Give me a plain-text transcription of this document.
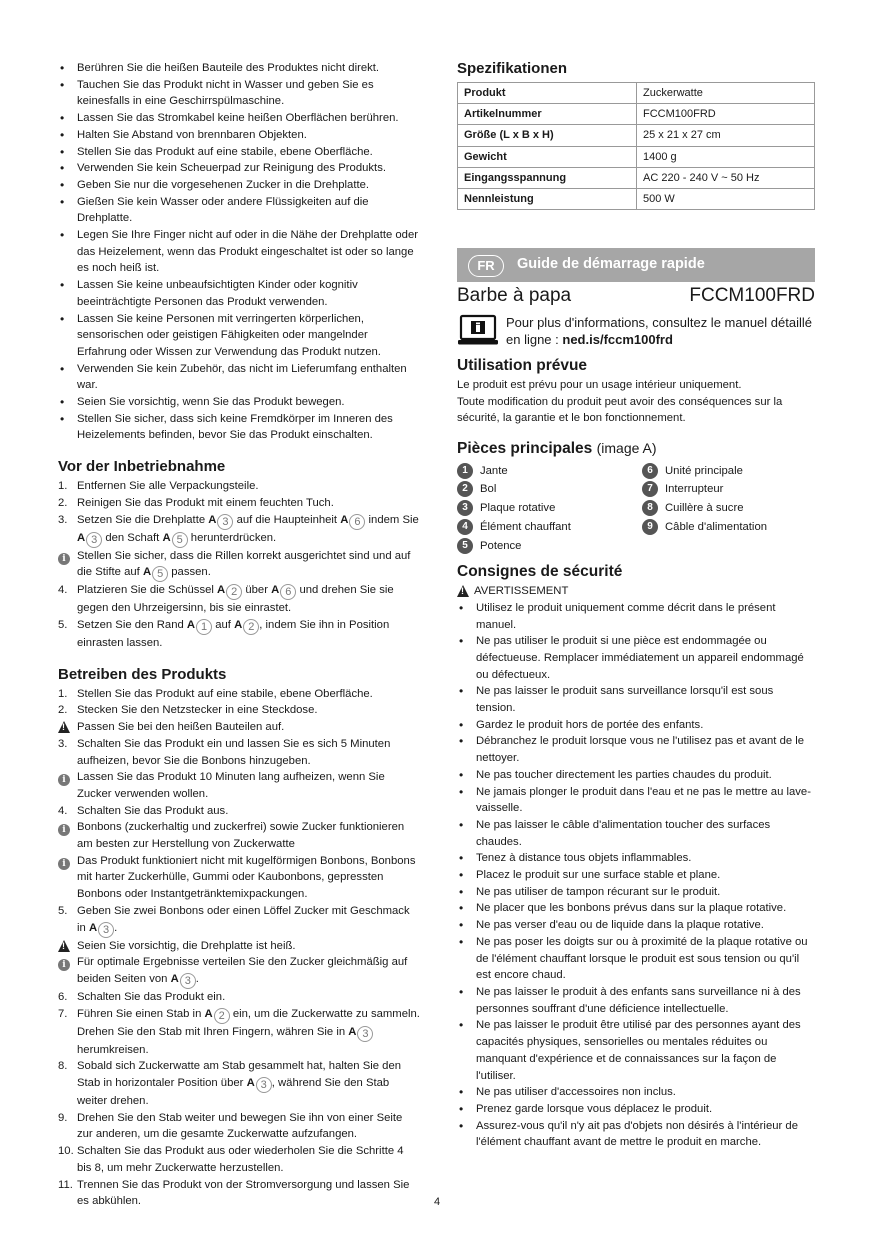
• Berühren Sie die heißen Bauteile des Produktes nicht direkt.
• Tauchen Sie das Produkt nicht in Wasser und geben Sie es keinesfalls in eine Geschirrspülmaschine.
• Lassen Sie das Stromkabel keine heißen Oberflächen berühren.
• Halten Sie Abstand von brennbaren Objekten.
• Stellen Sie das Produkt auf eine stabile, ebene Oberfläche.
• Verwenden Sie kein Scheuerpad zur Reinigung des Produkts.
• Geben Sie nur die vorgesehenen Zucker in die Drehplatte.
• Gießen Sie kein Wasser oder andere Flüssigkeiten auf die Drehplatte.
• Legen Sie Ihre Finger nicht auf oder in die Nähe der Drehplatte oder das Heizelement, wenn das Produkt eingeschaltet ist oder so lange es noch heiß ist.
• Lassen Sie keine unbeaufsichtigten Kinder oder kognitiv beeinträchtigte Personen das Produkt verwenden.
• Lassen Sie keine Personen mit verringerten körperlichen, sensorischen oder geistigen Fähigkeiten oder mangelnder Erfahrung oder Wissen zur Verwendung das Produkt nutzen.
• Verwenden Sie kein Zubehör, das nicht im Lieferumfang enthalten war.
• Seien Sie vorsichtig, wenn Sie das Produkt bewegen.
• Stellen Sie sicher, dass sich keine Fremdkörper im Inneren des Heizelements befinden, bevor Sie das Produkt einschalten.
Vor der Inbetriebnahme
1. Entfernen Sie alle Verpackungsteile.
2. Reinigen Sie das Produkt mit einem feuchten Tuch.
3. Setzen Sie die Drehplatte A 3 auf die Haupteinheit A 6 indem Sie A 3 den Schaft A 5 herunterdrücken.
i Stellen Sie sicher, dass die Rillen korrekt ausgerichtet sind und auf die Stifte auf A 5 passen.
4. Platzieren Sie die Schüssel A 2 über A 6 und drehen Sie sie gegen den Uhrzeigersinn, bis sie einrastet.
5. Setzen Sie den Rand A 1 auf A 2 , indem Sie ihn in Position einrasten lassen.
Betreiben des Produkts
1. Stellen Sie das Produkt auf eine stabile, ebene Oberfläche.
2. Stecken Sie den Netzstecker in eine Steckdose.
!
Passen Sie bei den heißen Bauteilen auf.
3. Schalten Sie das Produkt ein und lassen Sie es sich 5 Minuten aufheizen, bevor Sie die Bonbons hinzugeben.
i Lassen Sie das Produkt 10 Minuten lang aufheizen, wenn Sie Zucker verwenden wollen.
4. Schalten Sie das Produkt aus.
i Bonbons (zuckerhaltig und zuckerfrei) sowie Zucker funktionieren am besten zur Herstellung von Zuckerwatte
i Das Produkt funktioniert nicht mit kugelförmigen Bonbons, Bonbons mit harter Zuckerhülle, Gummi oder Kaubonbons, gepressten Bonbons oder Instantgetränktemixpackungen.
5. Geben Sie zwei Bonbons oder einen Löffel Zucker mit Geschmack in A 3 .
!
Seien Sie vorsichtig, die Drehplatte ist heiß.
i Für optimale Ergebnisse verteilen Sie den Zucker gleichmäßig auf beiden Seiten von A 3 .
6. Schalten Sie das Produkt ein.
7. Führen Sie einen Stab in A 2 ein, um die Zuckerwatte zu sammeln. Drehen Sie den Stab mit Ihren Fingern, währen Sie in A 3 herumkreisen.
8. Sobald sich Zuckerwatte am Stab gesammelt hat, halten Sie den Stab in horizontaler Position über A 3 , während Sie den Stab weiter drehen.
9. Drehen Sie den Stab weiter und bewegen Sie ihn von einer Seite zur anderen, um die gesamte Zuckerwatte aufzufangen.
10. Schalten Sie das Produkt aus oder wiederholen Sie die Schritte 4 bis 8, um mehr Zuckerwatte herzustellen.
11. Trennen Sie das Produkt von der Stromversorgung und lassen Sie es abkühlen.
Spezifikationen
Produkt	Zuckerwatte
Artikelnummer	FCCM100FRD
Größe (L x B x H)	25 x 21 x 27 cm
Gewicht	1400 g
Eingangsspannung	AC 220 - 240 V ~ 50 Hz
Nennleistung	500 W
FR	Guide de démarrage rapide
Barbe à papa	FCCM100FRD
Pour plus d'informations, consultez le manuel détaillé en ligne : ned.is/fccm100frd
Utilisation prévue
Le produit est prévu pour un usage intérieur uniquement.
Toute modification du produit peut avoir des conséquences sur la sécurité, la garantie et le bon fonctionnement.
Pièces principales (image A)
1	Jante
2	Bol
3	Plaque rotative
4	Élément chauffant
5	Potence
6	Unité principale
7	Interrupteur
8	Cuillère à sucre
9	Câble d'alimentation
Consignes de sécurité
!
AVERTISSEMENT
• Utilisez le produit uniquement comme décrit dans le présent manuel.
• Ne pas utiliser le produit si une pièce est endommagée ou défectueuse. Remplacer immédiatement un appareil endommagé ou défectueux.
• Ne pas laisser le produit sans surveillance lorsqu'il est sous tension.
• Gardez le produit hors de portée des enfants.
• Débranchez le produit lorsque vous ne l'utilisez pas et avant de le nettoyer.
• Ne pas toucher directement les parties chaudes du produit.
• Ne jamais plonger le produit dans l'eau et ne pas le mettre au lave-vaisselle.
• Ne pas laisser le câble d'alimentation toucher des surfaces chaudes.
• Tenez à distance tous objets inflammables.
• Placez le produit sur une surface stable et plane.
• Ne pas utiliser de tampon récurant sur le produit.
• Ne placer que les bonbons prévus dans sur la plaque rotative.
• Ne pas verser d'eau ou de liquide dans la plaque rotative.
• Ne pas poser les doigts sur ou à proximité de la plaque rotative ou de l'élément chauffant lorsque le produit est sous tension ou qu'il est encore chaud.
• Ne pas laisser le produit à des enfants sans surveillance ni à des personnes souffrant d'une déficience intellectuelle.
• Ne pas laisser le produit être utilisé par des personnes ayant des capacités physiques, sensorielles ou mentales réduites ou manquant d'expérience et de connaissances sur la façon de l'utiliser.
• Ne pas utiliser d'accessoires non inclus.
• Prenez garde lorsque vous déplacez le produit.
• Assurez-vous qu'il n'y ait pas d'objets non désirés à l'intérieur de l'élément chauffant avant de mettre le produit en marche.
4
